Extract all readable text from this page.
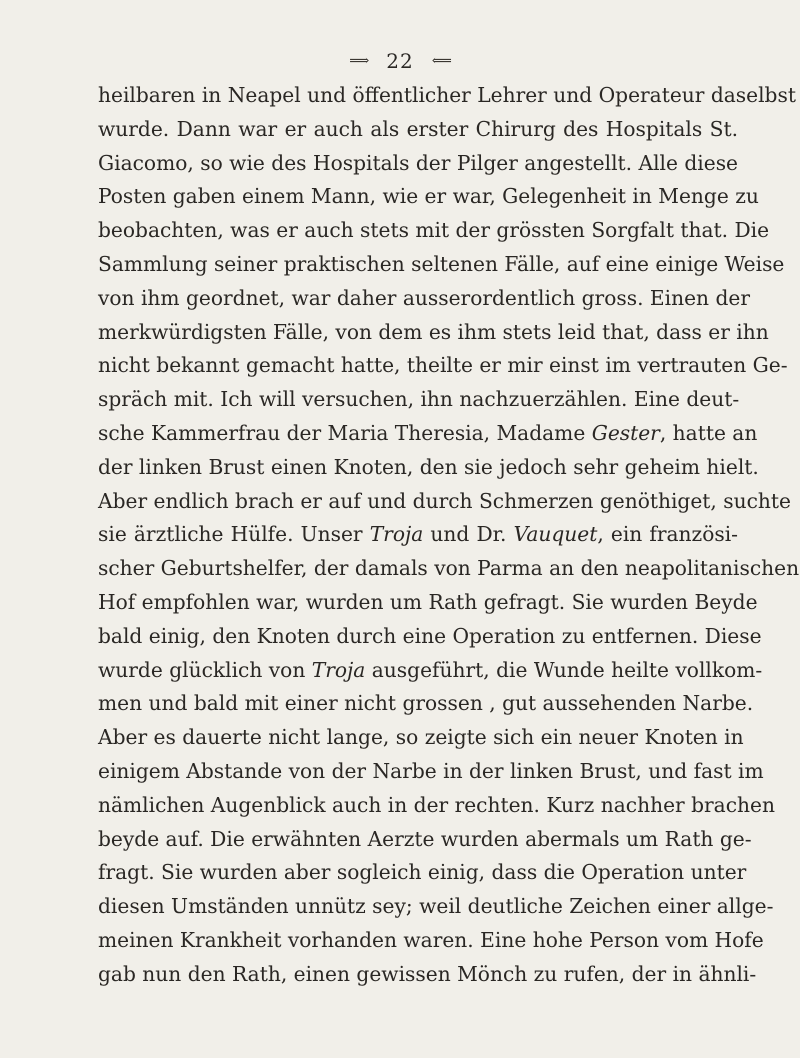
⟹ 22 ⟸
heilbaren in Neapel und öffentlicher Lehrer und Operateur daselbst
wurde. Dann war er auch als erster Chirurg des Hospitals St.
Giacomo, so wie des Hospitals der Pilger angestellt. Alle diese
Posten gaben einem Mann, wie er war, Gelegenheit in Menge zu
beobachten, was er auch stets mit der grössten Sorgfalt that. Die
Sammlung seiner praktischen seltenen Fälle, auf eine einige Weise
von ihm geordnet, war daher ausserordentlich gross. Einen der
merkwürdigsten Fälle, von dem es ihm stets leid that, dass er ihn
nicht bekannt gemacht hatte, theilte er mir einst im vertrauten Ge-
spräch mit. Ich will versuchen, ihn nachzuerzählen. Eine deut-
sche Kammerfrau der Maria Theresia, Madame Gester, hatte an
der linken Brust einen Knoten, den sie jedoch sehr geheim hielt.
Aber endlich brach er auf und durch Schmerzen genöthiget, suchte
sie ärztliche Hülfe. Unser Troja und Dr. Vauquet, ein französi-
scher Geburtshelfer, der damals von Parma an den neapolitanischen
Hof empfohlen war, wurden um Rath gefragt. Sie wurden Beyde
bald einig, den Knoten durch eine Operation zu entfernen. Diese
wurde glücklich von Troja ausgeführt, die Wunde heilte vollkom-
men und bald mit einer nicht grossen , gut aussehenden Narbe.
Aber es dauerte nicht lange, so zeigte sich ein neuer Knoten in
einigem Abstande von der Narbe in der linken Brust, und fast im
nämlichen Augenblick auch in der rechten. Kurz nachher brachen
beyde auf. Die erwähnten Aerzte wurden abermals um Rath ge-
fragt. Sie wurden aber sogleich einig, dass die Operation unter
diesen Umständen unnütz sey; weil deutliche Zeichen einer allge-
meinen Krankheit vorhanden waren. Eine hohe Person vom Hofe
gab nun den Rath, einen gewissen Mönch zu rufen, der in ähnli-
